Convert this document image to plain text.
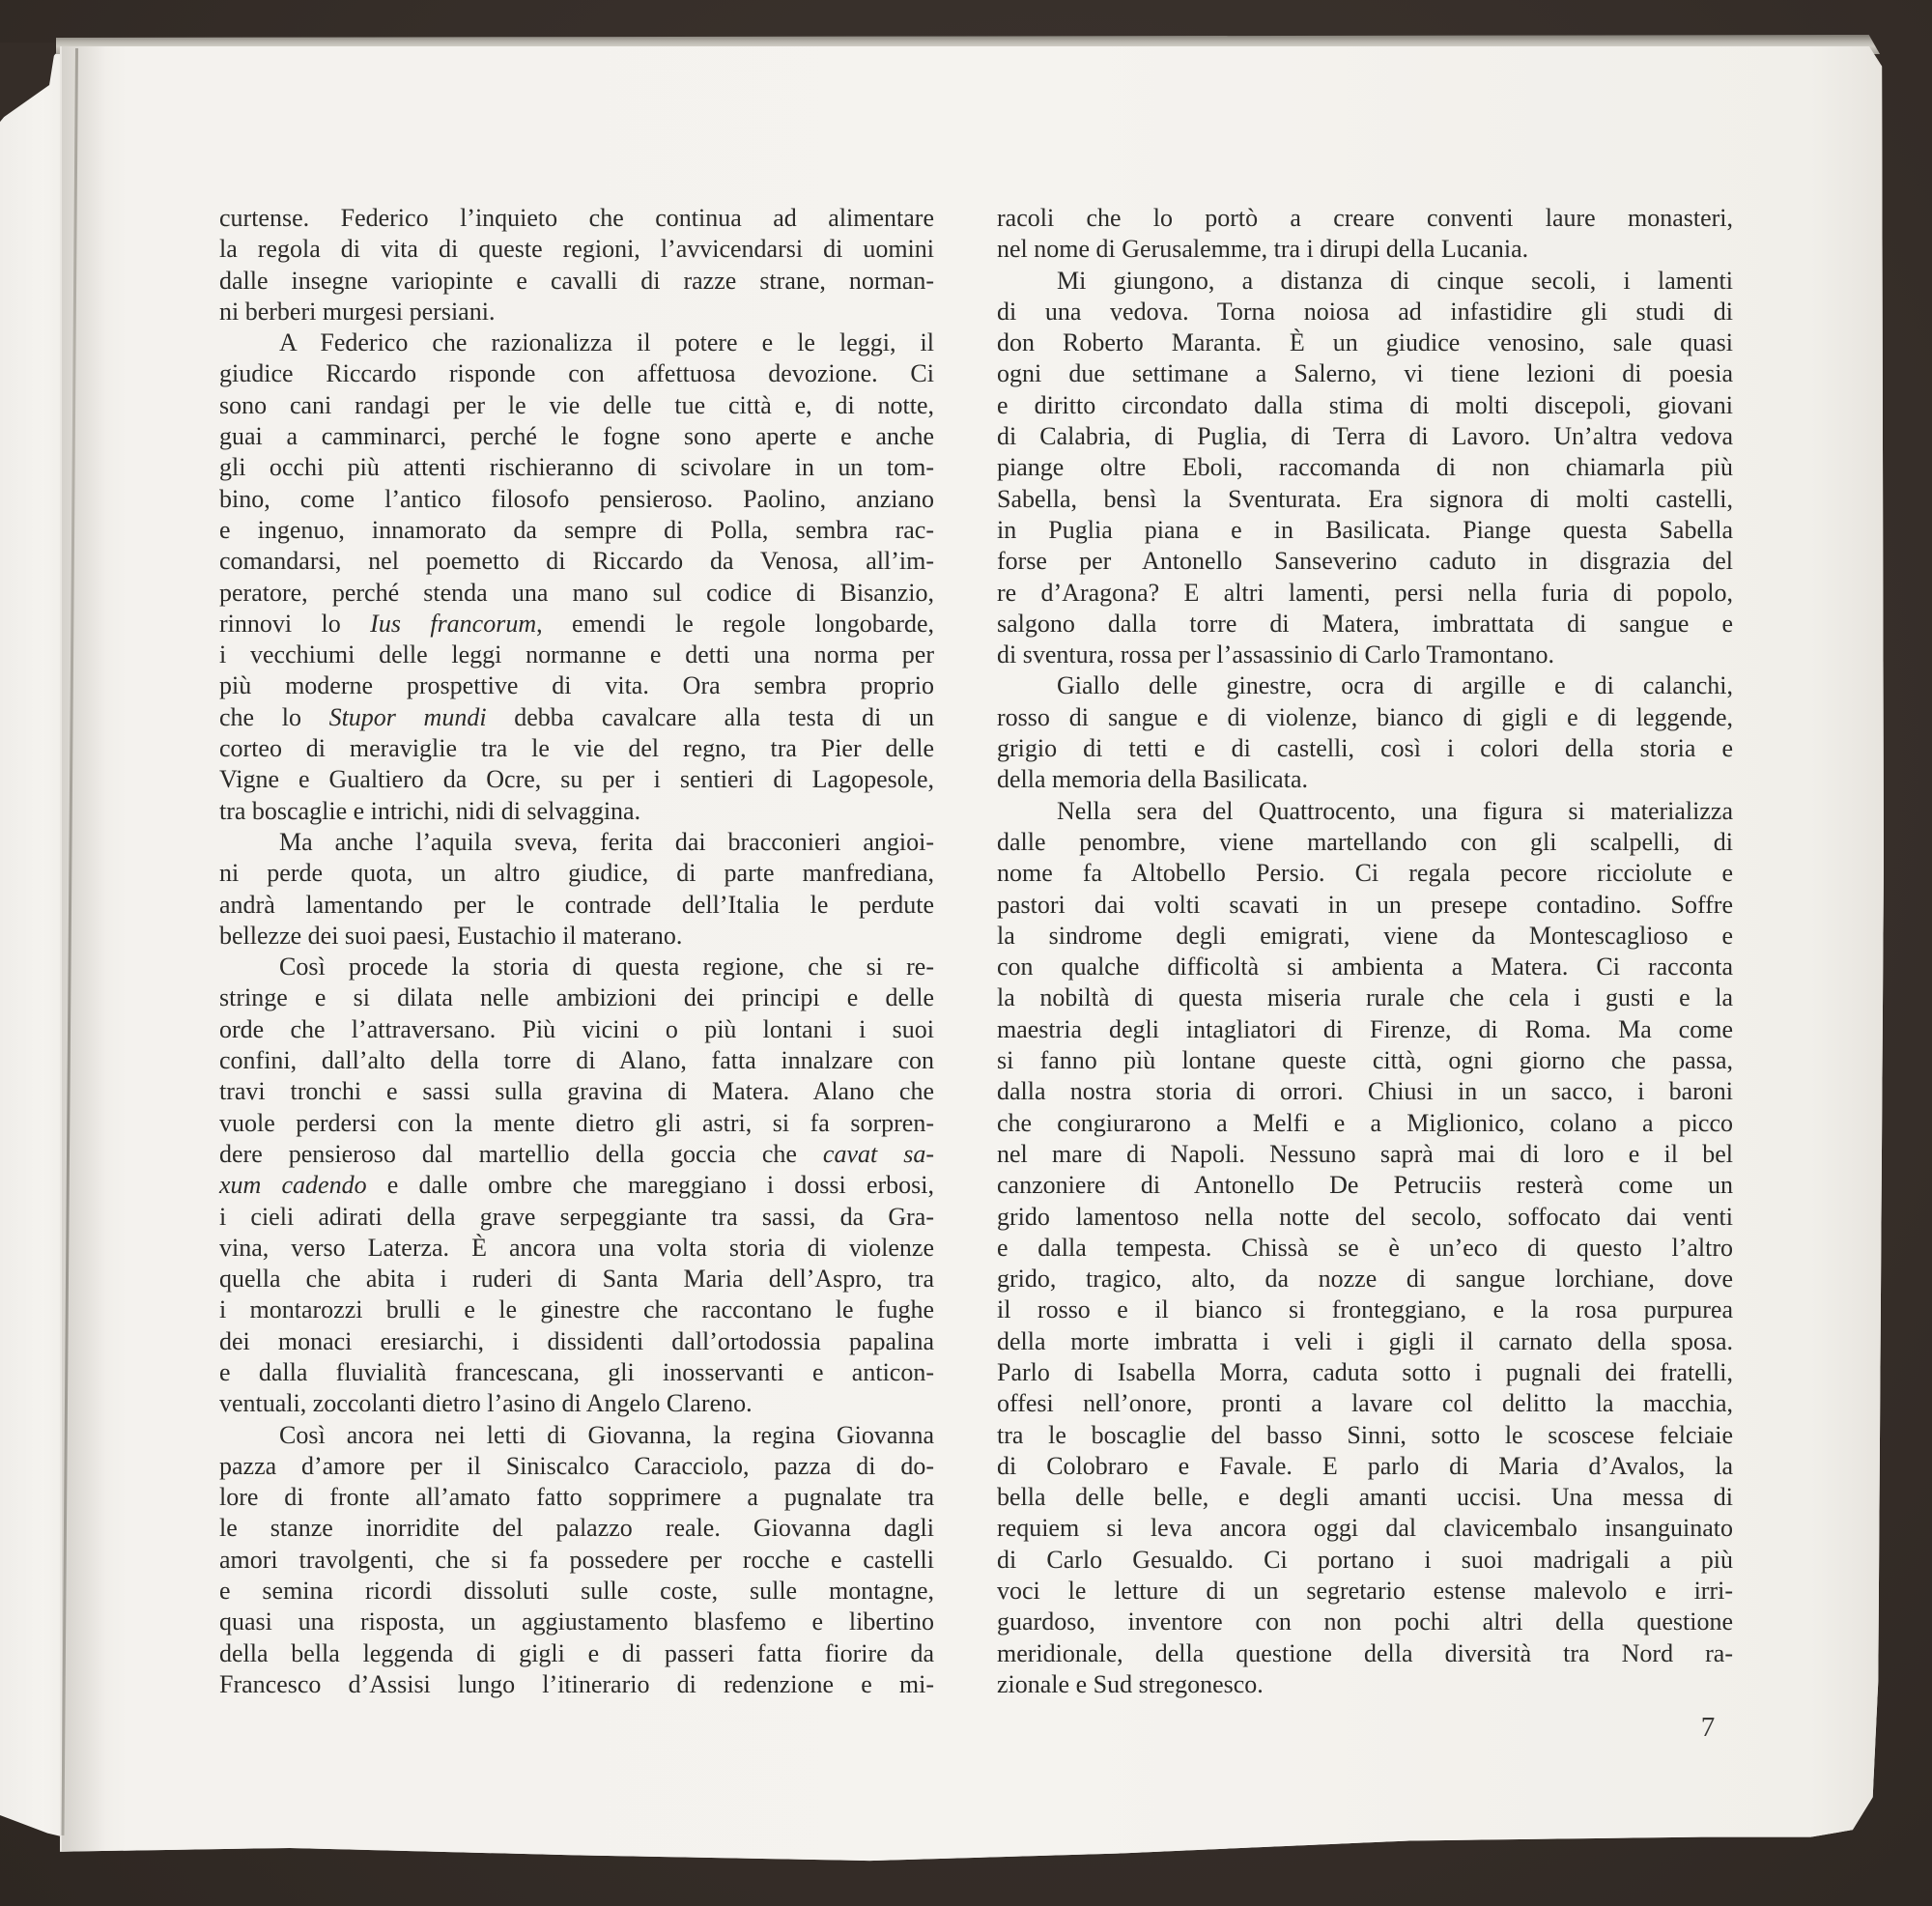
curtense. Federico l’inquieto che continua ad alimentare
la regola di vita di queste regioni, l’avvicendarsi di uomini
dalle insegne variopinte e cavalli di razze strane, norman-
ni berberi murgesi persiani.
A Federico che razionalizza il potere e le leggi, il
giudice Riccardo risponde con affettuosa devozione. Ci
sono cani randagi per le vie delle tue città e, di notte,
guai a camminarci, perché le fogne sono aperte e anche
gli occhi più attenti rischieranno di scivolare in un tom-
bino, come l’antico filosofo pensieroso. Paolino, anziano
e ingenuo, innamorato da sempre di Polla, sembra rac-
comandarsi, nel poemetto di Riccardo da Venosa, all’im-
peratore, perché stenda una mano sul codice di Bisanzio,
rinnovi lo Ius francorum, emendi le regole longobarde,
i vecchiumi delle leggi normanne e detti una norma per
più moderne prospettive di vita. Ora sembra proprio
che lo Stupor mundi debba cavalcare alla testa di un
corteo di meraviglie tra le vie del regno, tra Pier delle
Vigne e Gualtiero da Ocre, su per i sentieri di Lagopesole,
tra boscaglie e intrichi, nidi di selvaggina.
Ma anche l’aquila sveva, ferita dai bracconieri angioi-
ni perde quota, un altro giudice, di parte manfrediana,
andrà lamentando per le contrade dell’Italia le perdute
bellezze dei suoi paesi, Eustachio il materano.
Così procede la storia di questa regione, che si re-
stringe e si dilata nelle ambizioni dei principi e delle
orde che l’attraversano. Più vicini o più lontani i suoi
confini, dall’alto della torre di Alano, fatta innalzare con
travi tronchi e sassi sulla gravina di Matera. Alano che
vuole perdersi con la mente dietro gli astri, si fa sorpren-
dere pensieroso dal martellio della goccia che cavat sa-
xum cadendo e dalle ombre che mareggiano i dossi erbosi,
i cieli adirati della grave serpeggiante tra sassi, da Gra-
vina, verso Laterza. È ancora una volta storia di violenze
quella che abita i ruderi di Santa Maria dell’Aspro, tra
i montarozzi brulli e le ginestre che raccontano le fughe
dei monaci eresiarchi, i dissidenti dall’ortodossia papalina
e dalla fluvialità francescana, gli inosservanti e anticon-
ventuali, zoccolanti dietro l’asino di Angelo Clareno.
Così ancora nei letti di Giovanna, la regina Giovanna
pazza d’amore per il Siniscalco Caracciolo, pazza di do-
lore di fronte all’amato fatto sopprimere a pugnalate tra
le stanze inorridite del palazzo reale. Giovanna dagli
amori travolgenti, che si fa possedere per rocche e castelli
e semina ricordi dissoluti sulle coste, sulle montagne,
quasi una risposta, un aggiustamento blasfemo e libertino
della bella leggenda di gigli e di passeri fatta fiorire da
Francesco d’Assisi lungo l’itinerario di redenzione e mi-
racoli che lo portò a creare conventi laure monasteri,
nel nome di Gerusalemme, tra i dirupi della Lucania.
Mi giungono, a distanza di cinque secoli, i lamenti
di una vedova. Torna noiosa ad infastidire gli studi di
don Roberto Maranta. È un giudice venosino, sale quasi
ogni due settimane a Salerno, vi tiene lezioni di poesia
e diritto circondato dalla stima di molti discepoli, giovani
di Calabria, di Puglia, di Terra di Lavoro. Un’altra vedova
piange oltre Eboli, raccomanda di non chiamarla più
Sabella, bensì la Sventurata. Era signora di molti castelli,
in Puglia piana e in Basilicata. Piange questa Sabella
forse per Antonello Sanseverino caduto in disgrazia del
re d’Aragona? E altri lamenti, persi nella furia di popolo,
salgono dalla torre di Matera, imbrattata di sangue e
di sventura, rossa per l’assassinio di Carlo Tramontano.
Giallo delle ginestre, ocra di argille e di calanchi,
rosso di sangue e di violenze, bianco di gigli e di leggende,
grigio di tetti e di castelli, così i colori della storia e
della memoria della Basilicata.
Nella sera del Quattrocento, una figura si materializza
dalle penombre, viene martellando con gli scalpelli, di
nome fa Altobello Persio. Ci regala pecore ricciolute e
pastori dai volti scavati in un presepe contadino. Soffre
la sindrome degli emigrati, viene da Montescaglioso e
con qualche difficoltà si ambienta a Matera. Ci racconta
la nobiltà di questa miseria rurale che cela i gusti e la
maestria degli intagliatori di Firenze, di Roma. Ma come
si fanno più lontane queste città, ogni giorno che passa,
dalla nostra storia di orrori. Chiusi in un sacco, i baroni
che congiurarono a Melfi e a Miglionico, colano a picco
nel mare di Napoli. Nessuno saprà mai di loro e il bel
canzoniere di Antonello De Petruciis resterà come un
grido lamentoso nella notte del secolo, soffocato dai venti
e dalla tempesta. Chissà se è un’eco di questo l’altro
grido, tragico, alto, da nozze di sangue lorchiane, dove
il rosso e il bianco si fronteggiano, e la rosa purpurea
della morte imbratta i veli i gigli il carnato della sposa.
Parlo di Isabella Morra, caduta sotto i pugnali dei fratelli,
offesi nell’onore, pronti a lavare col delitto la macchia,
tra le boscaglie del basso Sinni, sotto le scoscese felciaie
di Colobraro e Favale. E parlo di Maria d’Avalos, la
bella delle belle, e degli amanti uccisi. Una messa di
requiem si leva ancora oggi dal clavicembalo insanguinato
di Carlo Gesualdo. Ci portano i suoi madrigali a più
voci le letture di un segretario estense malevolo e irri-
guardoso, inventore con non pochi altri della questione
meridionale, della questione della diversità tra Nord ra-
zionale e Sud stregonesco.
7
